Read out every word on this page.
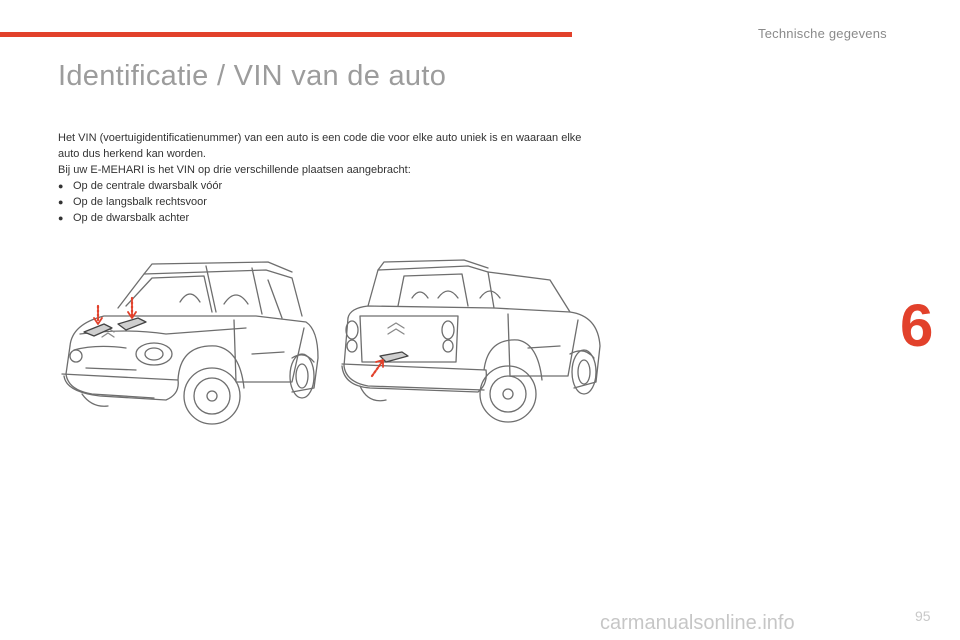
Technische gegevens
Identificatie / VIN van de auto

Het VIN (voertuigidentificatienummer) van een auto is een code die voor elke auto uniek is en waaraan elke auto dus herkend kan worden.

Bij uw E-MEHARI is het VIN op drie verschillende plaatsen aangebracht:

● Op de centrale dwarsbalk vóór
● Op de langsbalk rechtsvoor
● Op de dwarsbalk achter
6
carmanualsonline.info	95
